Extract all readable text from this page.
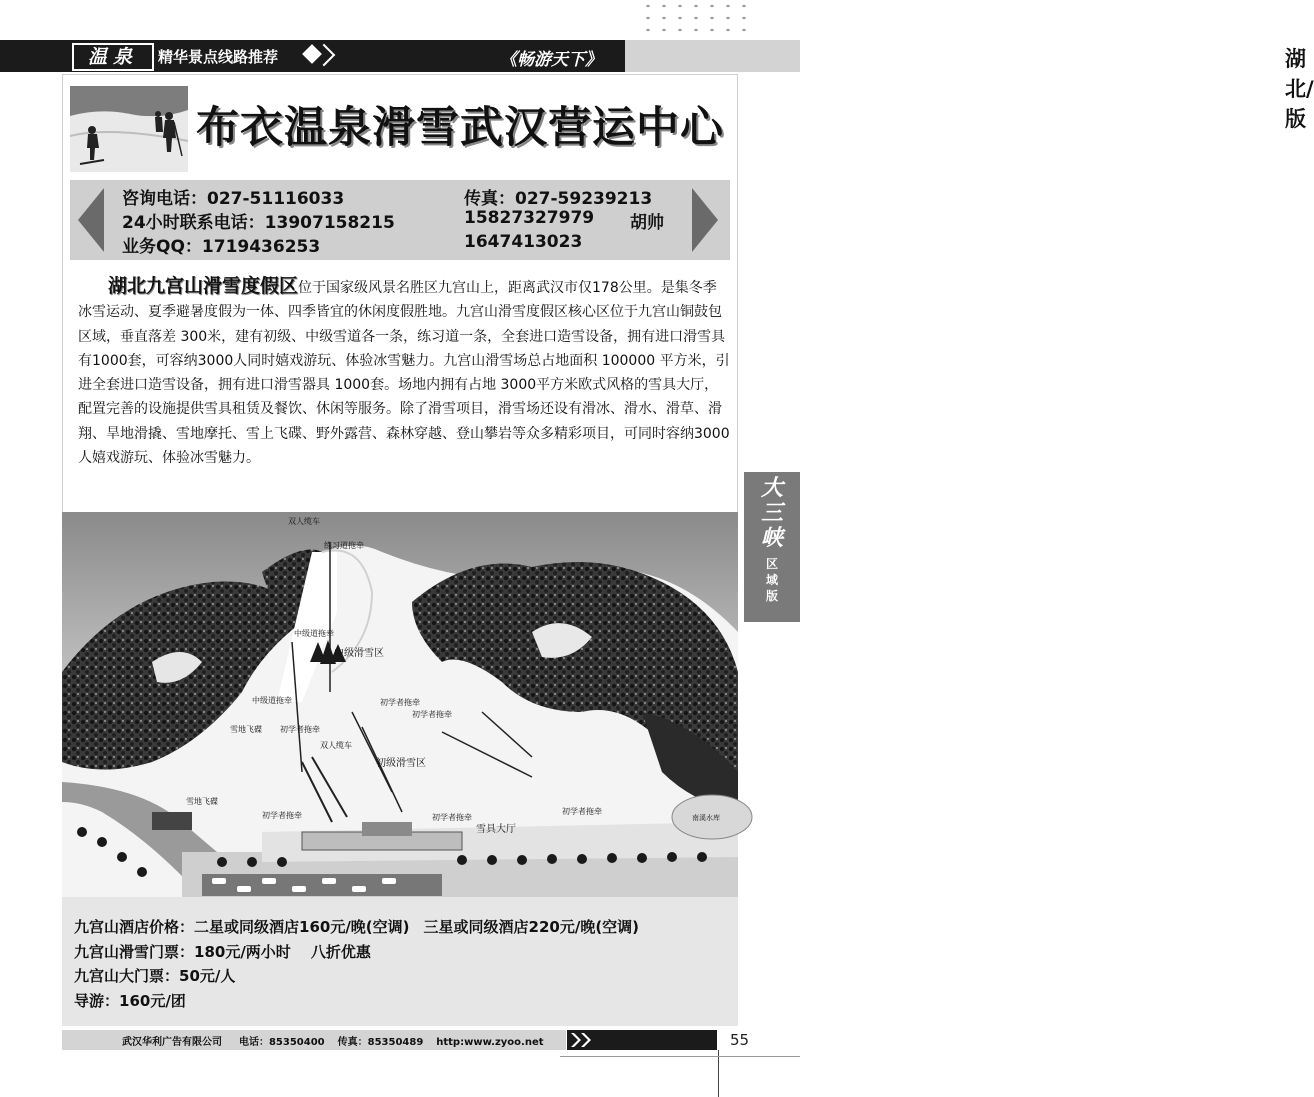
温泉	精华景点线路推荐	《畅游天下》	湖北/版
布衣温泉滑雪武汉营运中心
咨询电话：027-51116033	传真：027-59239213
24小时联系电话：13907158215	15827327979 胡帅
业务QQ：1719436253	1647413023
湖北九宫山滑雪度假区位于国家级风景名胜区九宫山上，距离武汉市仅178公里。是集冬季冰雪运动、夏季避暑度假为一体、四季皆宜的休闲度假胜地。九宫山滑雪度假区核心区位于九宫山铜鼓包区域，垂直落差 300米，建有初级、中级雪道各一条，练习道一条，全套进口造雪设备，拥有进口滑雪具有1000套，可容纳3000人同时嬉戏游玩、体验冰雪魅力。九宫山滑雪场总占地面积 100000 平方米，引进全套进口造雪设备，拥有进口滑雪器具 1000套。场地内拥有占地 3000平方米欧式风格的雪具大厅，配置完善的设施提供雪具租赁及餐饮、休闲等服务。除了滑雪项目，滑雪场还设有滑冰、滑水、滑草、滑翔、旱地滑撬、雪地摩托、雪上飞碟、野外露营、森林穿越、登山攀岩等众多精彩项目，可同时容纳3000人嬉戏游玩、体验冰雪魅力。
双人缆车
练习道拖牵
中级道拖牵
中级滑雪区
中级道拖牵	初学者拖牵
初学者拖牵
雪地飞碟 初学者拖牵
双人缆车
初级滑雪区
雪地飞碟
初学者拖牵	初学者拖牵
初学者拖牵
雪具大厅
南溪水库
九宫山酒店价格：二星或同级酒店160元/晚(空调) 三星或同级酒店220元/晚(空调)
九宫山滑雪门票：180元/两小时 八折优惠
九宫山大门票：50元/人
导游：160元/团
大三峡
区
域
版
武汉华利广告有限公司 电话：85350400 传真：85350489 http:www.zyoo.net	本报价仅供业内参考
55
